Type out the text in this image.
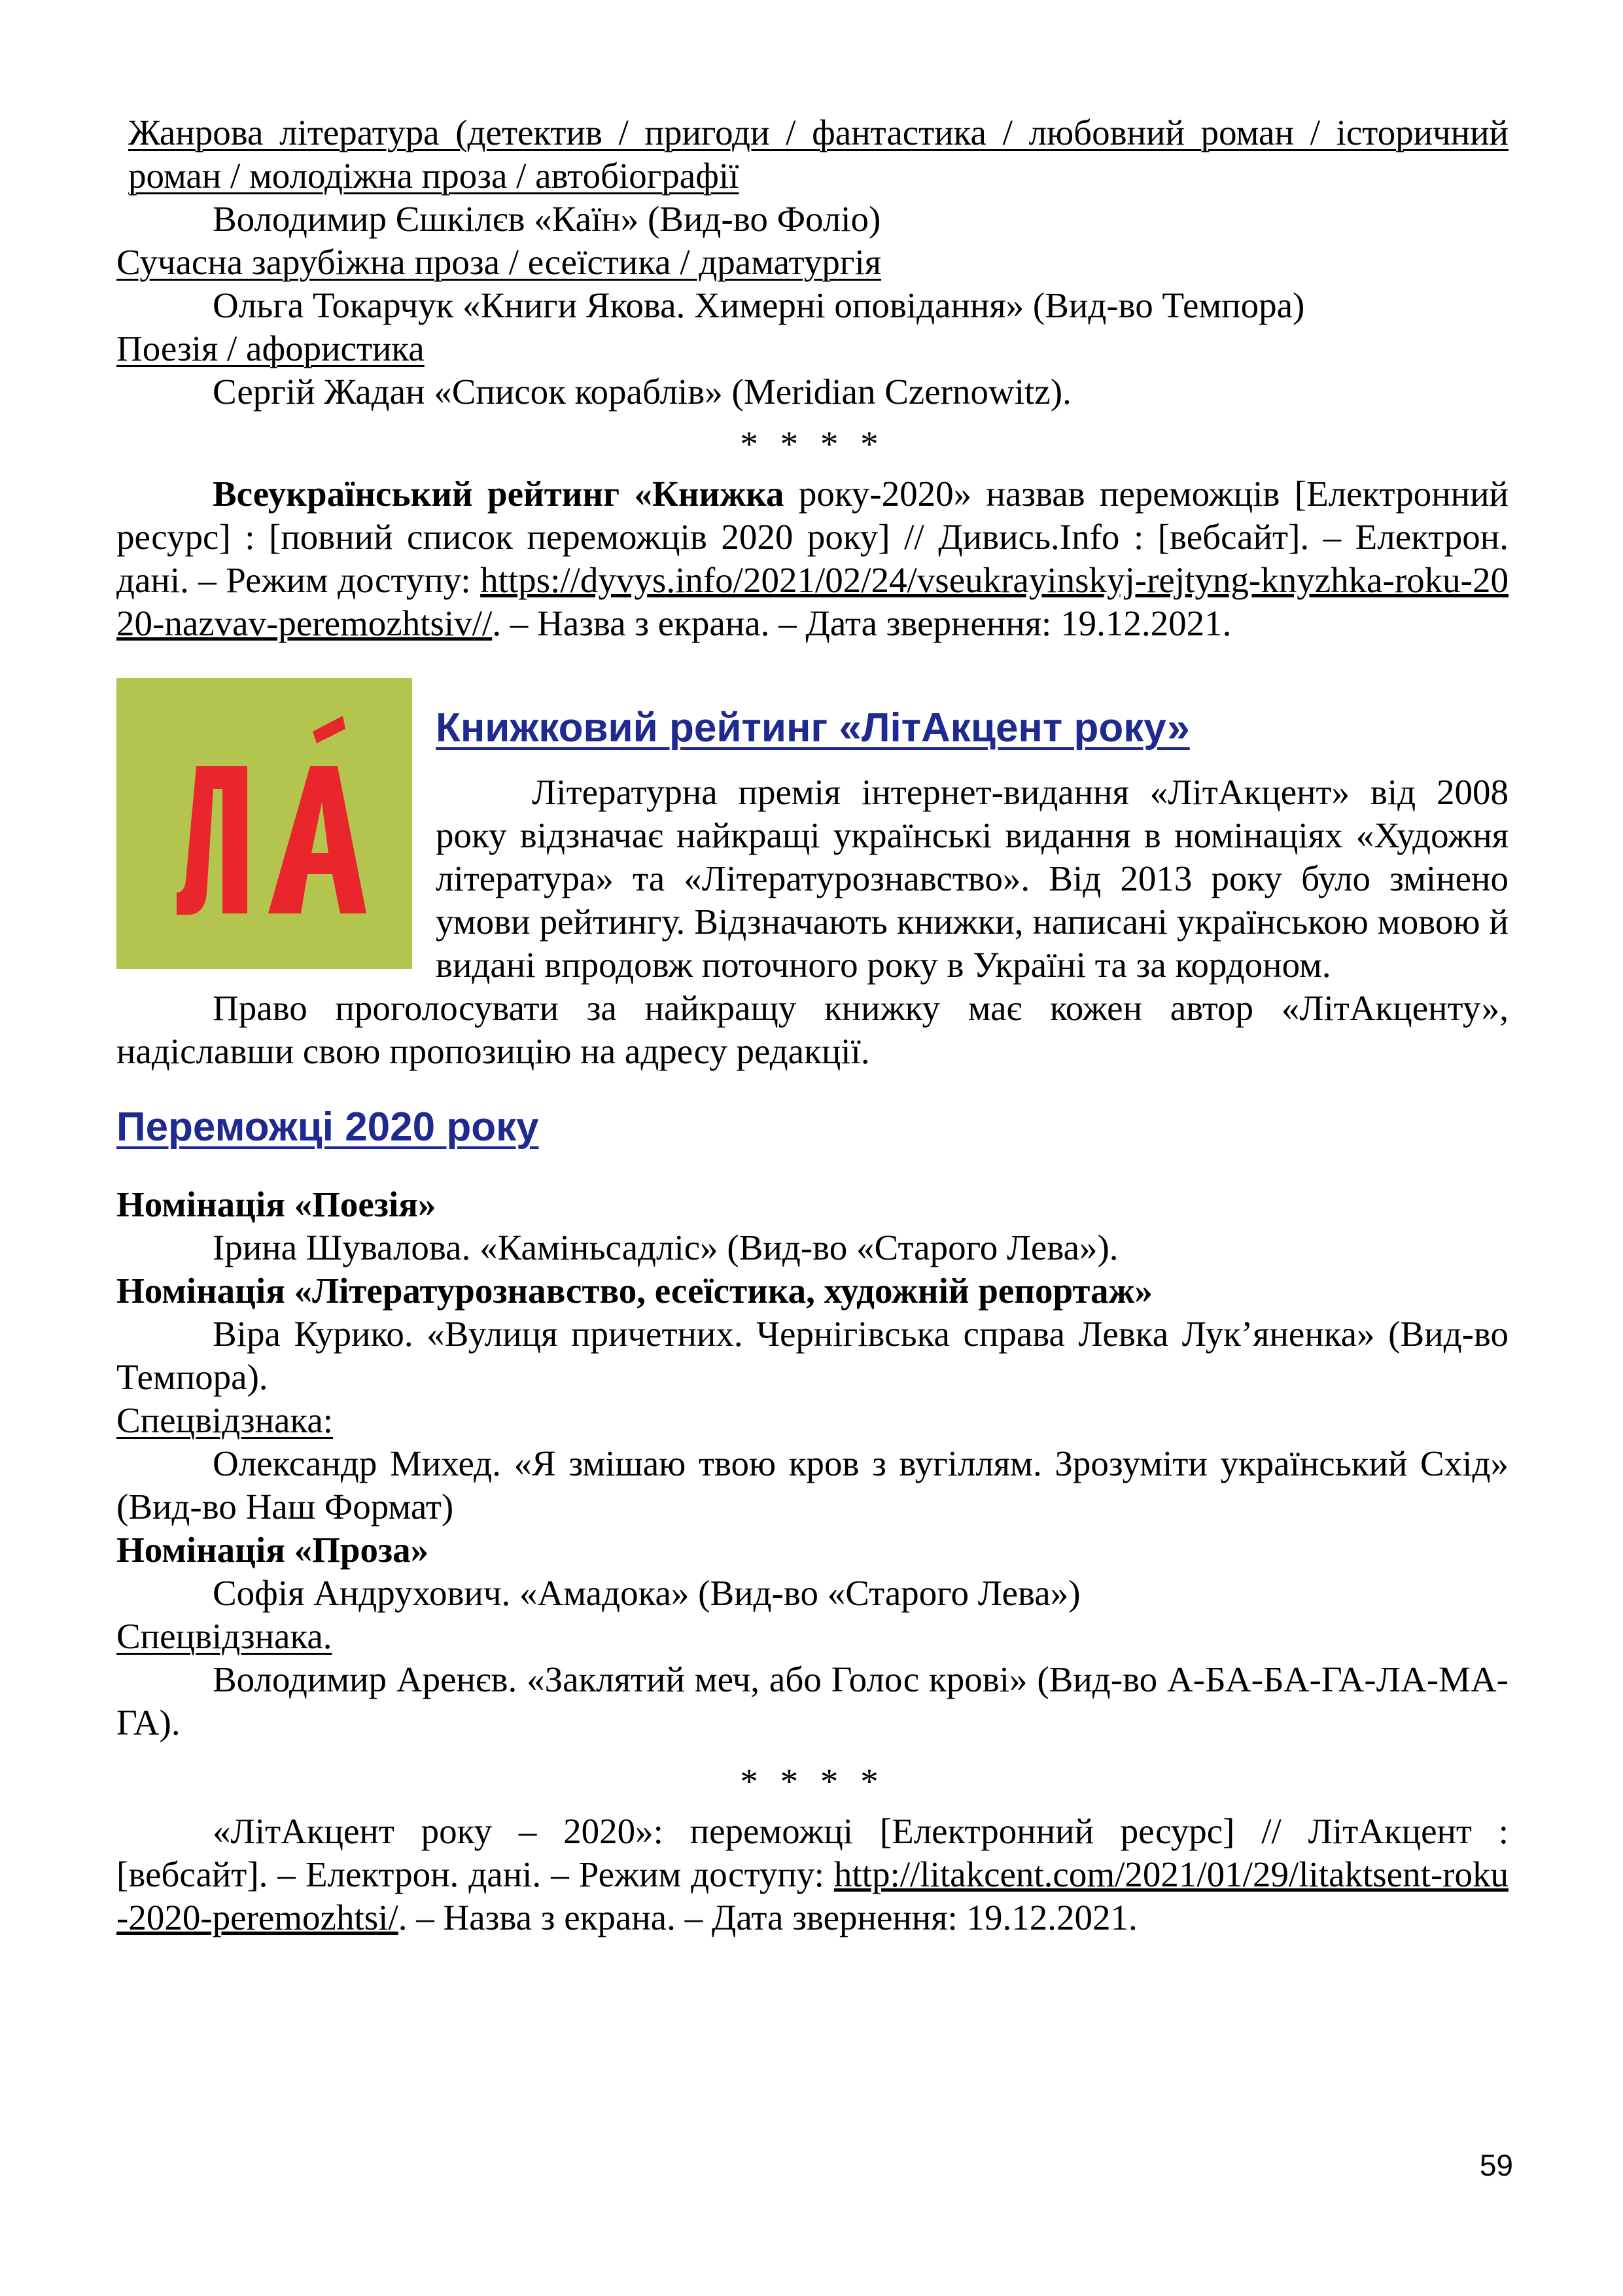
Жанрова література (детектив / пригоди / фантастика / любовний роман / історичний роман / молодіжна проза / автобіографії

Володимир Єшкілєв «Каїн» (Вид-во Фоліо)

Сучасна зарубіжна проза / есеїстика / драматургія

Ольга Токарчук «Книги Якова. Химерні оповідання» (Вид-во Темпора)

Поезія / афористика

Сергій Жадан «Список кораблів» (Meridian Czernowitz).

* * * *

Всеукраїнський рейтинг «Книжка року-2020» назвав переможців [Електронний ресурс] : [повний список переможців 2020 року] // Дивись.Info : [вебсайт]. – Електрон. дані. – Режим доступу: https://dyvys.info/2021/02/24/vseukrayinskyj-rejtyng-knyzhka-roku-2020-nazvav-peremozhtsiv//. – Назва з екрана. – Дата звернення: 19.12.2021.

Книжковий рейтинг «ЛітАкцент року»

Літературна премія інтернет-видання «ЛітАкцент» від 2008 року відзначає найкращі українські видання в номінаціях «Художня література» та «Літературознавство». Від 2013 року було змінено умови рейтингу. Відзначають книжки, написані українською мовою й видані впродовж поточного року в Україні та за кордоном.

Право проголосувати за найкращу книжку має кожен автор «ЛітАкценту», надіславши свою пропозицію на адресу редакції.

Переможці 2020 року

Номінація «Поезія»

Ірина Шувалова. «Каміньсадліс» (Вид-во «Старого Лева»).

Номінація «Літературознавство, есеїстика, художній репортаж»

Віра Курико. «Вулиця причетних. Чернігівська справа Левка Лук’яненка» (Вид-во Темпора).

Спецвідзнака:

Олександр Михед. «Я змішаю твою кров з вугіллям. Зрозуміти український Схід» (Вид-во Наш Формат)

Номінація «Проза»

Софія Андрухович. «Амадока» (Вид-во «Старого Лева»)

Спецвідзнака.

Володимир Аренєв. «Заклятий меч, або Голос крові» (Вид-во А-БА-БА-ГА-ЛА-МА-ГА).

* * * *

«ЛітАкцент року – 2020»: переможці [Електронний ресурс] // ЛітАкцент : [вебсайт]. – Електрон. дані. – Режим доступу: http://litakcent.com/2021/01/29/litaktsent-roku-2020-peremozhtsi/. – Назва з екрана. – Дата звернення: 19.12.2021.

59
